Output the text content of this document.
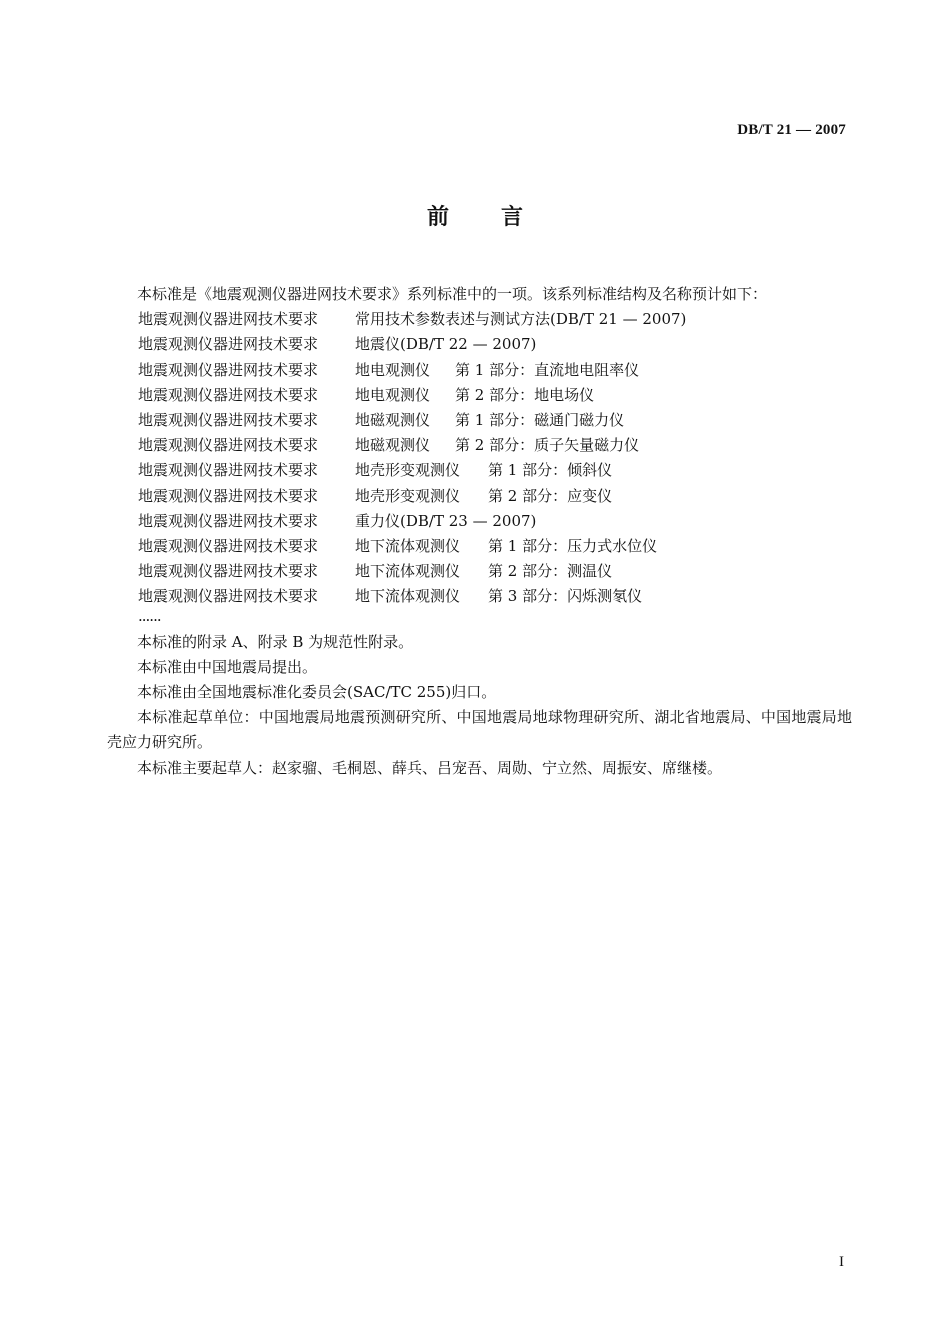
DB/T 21 — 2007
前言

本标准是《地震观测仪器进网技术要求》系列标准中的一项。该系列标准结构及名称预计如下：

地震观测仪器进网技术要求	常用技术参数表述与测试方法(DB/T 21 — 2007)
地震观测仪器进网技术要求	地震仪(DB/T 22 — 2007)
地震观测仪器进网技术要求	地电观测仪	第 1 部分：直流地电阻率仪
地震观测仪器进网技术要求	地电观测仪	第 2 部分：地电场仪
地震观测仪器进网技术要求	地磁观测仪	第 1 部分：磁通门磁力仪
地震观测仪器进网技术要求	地磁观测仪	第 2 部分：质子矢量磁力仪
地震观测仪器进网技术要求	地壳形变观测仪	第 1 部分：倾斜仪
地震观测仪器进网技术要求	地壳形变观测仪	第 2 部分：应变仪
地震观测仪器进网技术要求	重力仪(DB/T 23 — 2007)
地震观测仪器进网技术要求	地下流体观测仪	第 1 部分：压力式水位仪
地震观测仪器进网技术要求	地下流体观测仪	第 2 部分：测温仪
地震观测仪器进网技术要求	地下流体观测仪	第 3 部分：闪烁测氡仪
······

本标准的附录 A、附录 B 为规范性附录。

本标准由中国地震局提出。

本标准由全国地震标准化委员会(SAC/TC 255)归口。

本标准起草单位：中国地震局地震预测研究所、中国地震局地球物理研究所、湖北省地震局、中国地震局地壳应力研究所。

本标准主要起草人：赵家骝、毛桐恩、薛兵、吕宠吾、周勋、宁立然、周振安、席继楼。

I
